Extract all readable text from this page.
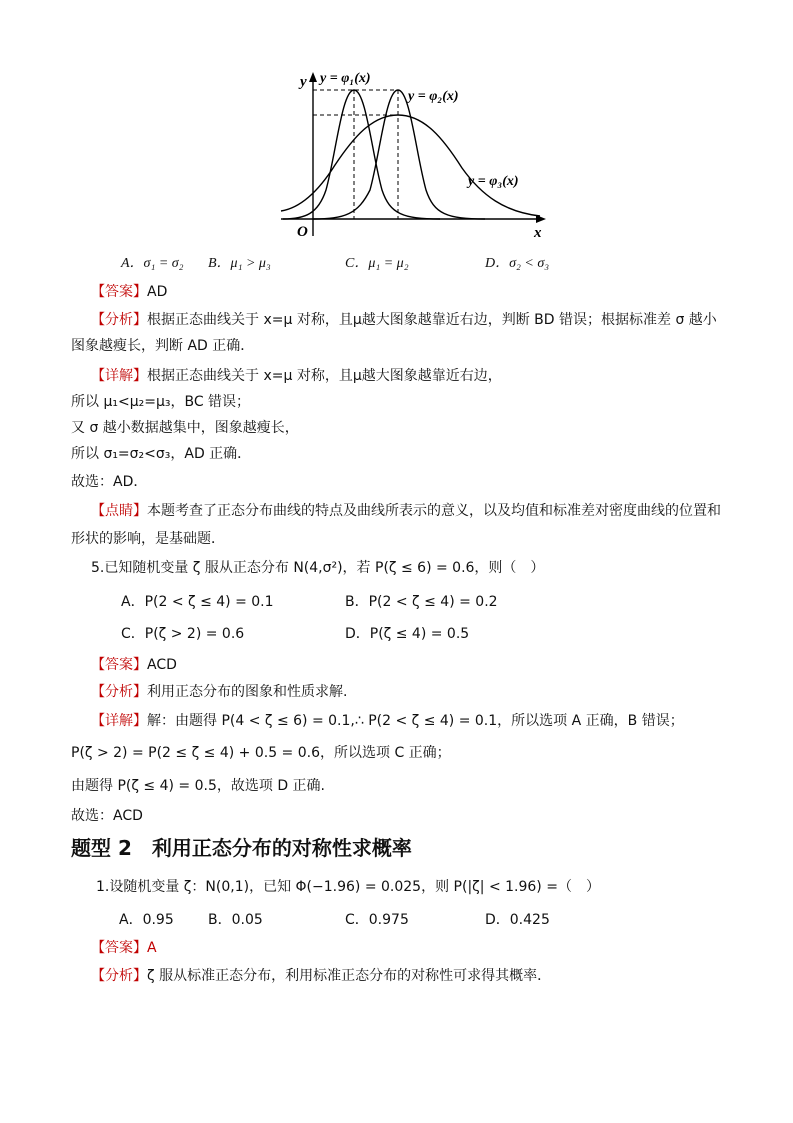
y
x
O
y = φ₁(x)
y = φ₂(x)
y = φ₃(x)
A．σ₁ = σ₂ B．μ₁ > μ₃	C．μ₁ = μ₂	D．σ₂ < σ₃
【答案】AD
【分析】根据正态曲线关于 x=μ 对称，且μ越大图象越靠近右边，判断 BD 错误；根据标准差 σ 越小
图象越瘦长，判断 AD 正确．
【详解】根据正态曲线关于 x=μ 对称，且μ越大图象越靠近右边，
所以 μ₁<μ₂=μ₃，BC 错误；
又 σ 越小数据越集中，图象越瘦长，
所以 σ₁=σ₂<σ₃，AD 正确．
故选：AD．
【点睛】本题考查了正态分布曲线的特点及曲线所表示的意义，以及均值和标准差对密度曲线的位置和
形状的影响，是基础题．
5.已知随机变量 ζ 服从正态分布 N(4,σ²)，若 P(ζ ≤ 6) = 0.6，则（　）
A．P(2 < ζ ≤ 4) = 0.1	B．P(2 < ζ ≤ 4) = 0.2
C．P(ζ > 2) = 0.6	D．P(ζ ≤ 4) = 0.5
【答案】ACD
【分析】利用正态分布的图象和性质求解.
【详解】解：由题得 P(4 < ζ ≤ 6) = 0.1,∴ P(2 < ζ ≤ 4) = 0.1，所以选项 A 正确，B 错误；
P(ζ > 2) = P(2 ≤ ζ ≤ 4) + 0.5 = 0.6，所以选项 C 正确；
由题得 P(ζ ≤ 4) = 0.5，故选项 D 正确.
故选：ACD
题型 2　利用正态分布的对称性求概率
1.设随机变量 ζ：N(0,1)，已知 Φ(−1.96) = 0.025，则 P(|ζ| < 1.96) =（　）
A．0.95 B．0.05	C．0.975	D．0.425
【答案】A
【分析】ζ 服从标准正态分布，利用标准正态分布的对称性可求得其概率．
